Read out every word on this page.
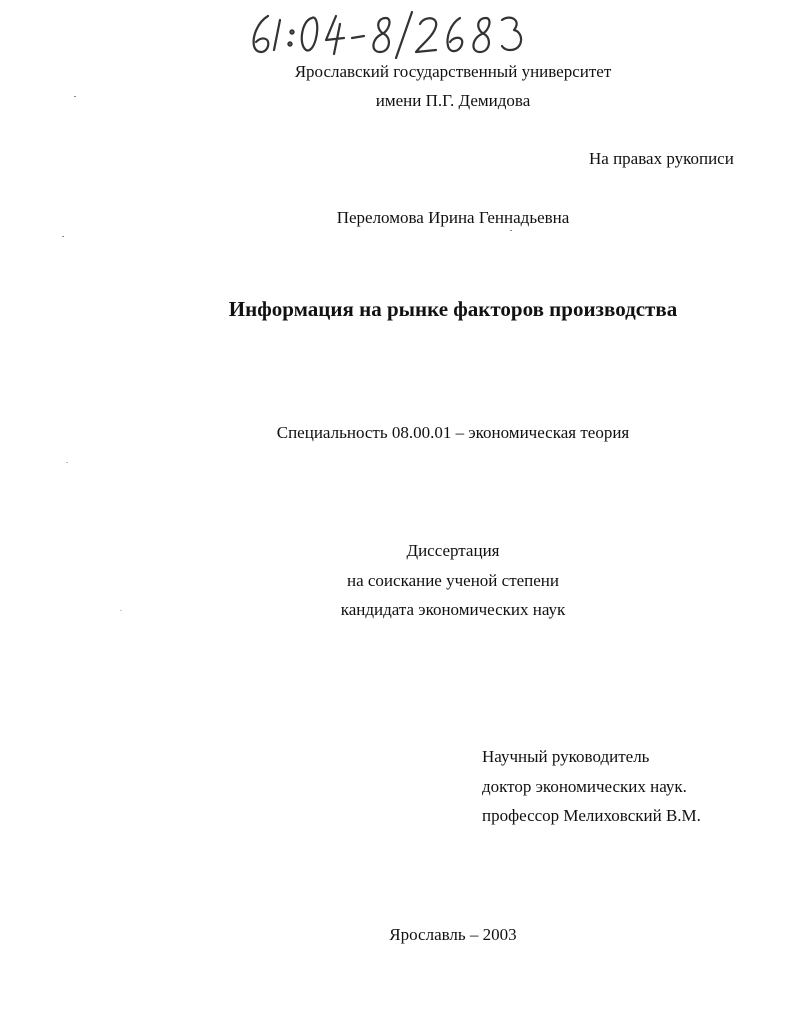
Ярославский государственный университет
имени П.Г. Демидова
На правах рукописи
Переломова Ирина Геннадьевна
Информация на рынке факторов производства
Специальность 08.00.01 – экономическая теория
Диссертация
на соискание ученой степени
кандидата экономических наук
Научный руководитель
доктор экономических наук.
профессор Мелиховский В.М.
Ярославль – 2003
